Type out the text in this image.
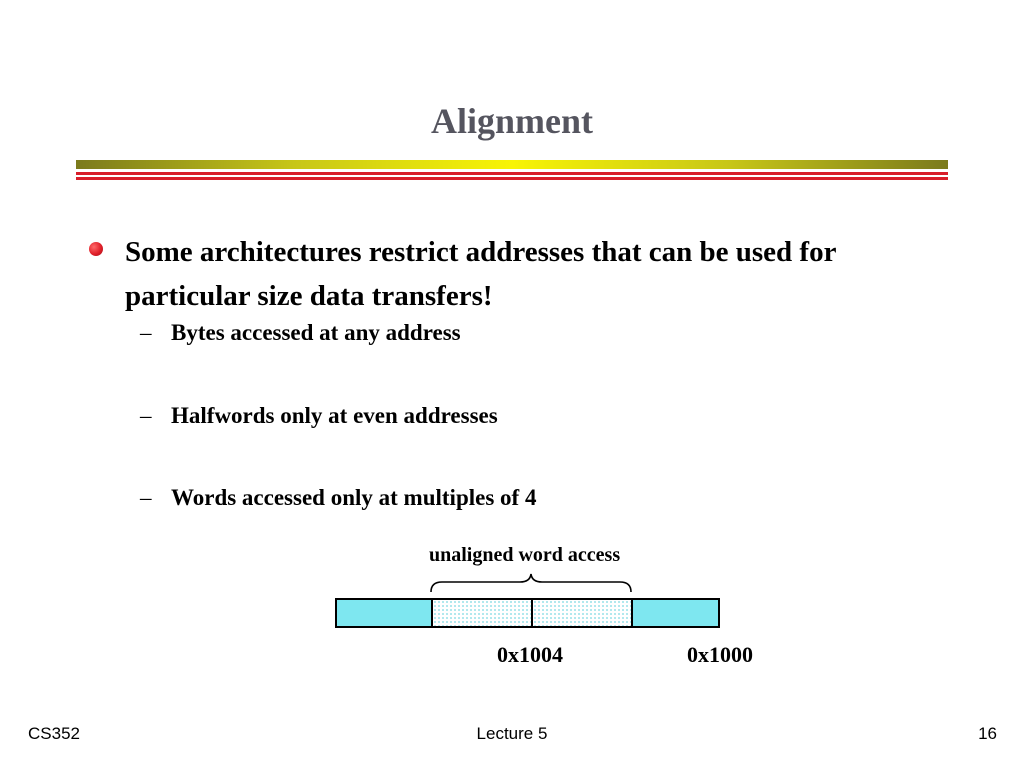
Alignment
Some architectures restrict addresses that can be used for particular size data transfers!
– Bytes accessed at any address
– Halfwords only at even addresses
– Words accessed only at multiples of 4
unaligned word access
0x1004	0x1000
CS352	Lecture 5	16
